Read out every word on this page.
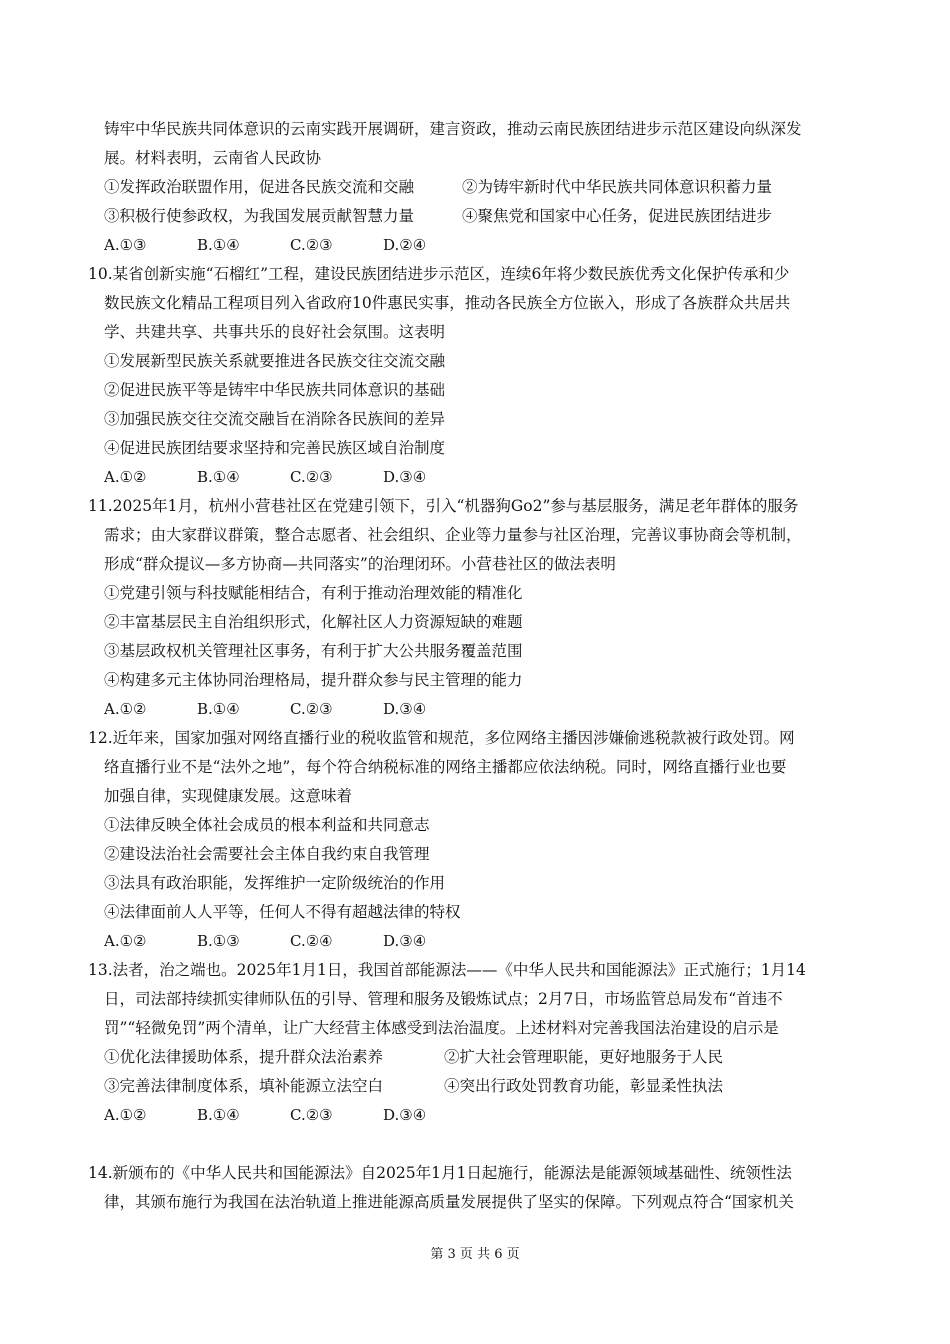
铸牢中华民族共同体意识的云南实践开展调研，建言资政，推动云南民族团结进步示范区建设向纵深发
展。材料表明，云南省人民政协
①发挥政治联盟作用，促进各民族交流和交融	②为铸牢新时代中华民族共同体意识积蓄力量
③积极行使参政权，为我国发展贡献智慧力量	④聚焦党和国家中心任务，促进民族团结进步
A.①③	B.①④	C.②③	D.②④
10.某省创新实施“石榴红”工程，建设民族团结进步示范区，连续6年将少数民族优秀文化保护传承和少
数民族文化精品工程项目列入省政府10件惠民实事，推动各民族全方位嵌入，形成了各族群众共居共
学、共建共享、共事共乐的良好社会氛围。这表明
①发展新型民族关系就要推进各民族交往交流交融
②促进民族平等是铸牢中华民族共同体意识的基础
③加强民族交往交流交融旨在消除各民族间的差异
④促进民族团结要求坚持和完善民族区域自治制度
A.①②	B.①④	C.②③	D.③④
11.2025年1月，杭州小营巷社区在党建引领下，引入“机器狗Go2”参与基层服务，满足老年群体的服务
需求；由大家群议群策，整合志愿者、社会组织、企业等力量参与社区治理，完善议事协商会等机制，
形成“群众提议—多方协商—共同落实”的治理闭环。小营巷社区的做法表明
①党建引领与科技赋能相结合，有利于推动治理效能的精准化
②丰富基层民主自治组织形式，化解社区人力资源短缺的难题
③基层政权机关管理社区事务，有利于扩大公共服务覆盖范围
④构建多元主体协同治理格局，提升群众参与民主管理的能力
A.①②	B.①④	C.②③	D.③④
12.近年来，国家加强对网络直播行业的税收监管和规范，多位网络主播因涉嫌偷逃税款被行政处罚。网
络直播行业不是“法外之地”，每个符合纳税标准的网络主播都应依法纳税。同时，网络直播行业也要
加强自律，实现健康发展。这意味着
①法律反映全体社会成员的根本利益和共同意志
②建设法治社会需要社会主体自我约束自我管理
③法具有政治职能，发挥维护一定阶级统治的作用
④法律面前人人平等，任何人不得有超越法律的特权
A.①②	B.①③	C.②④	D.③④
13.法者，治之端也。2025年1月1日，我国首部能源法——《中华人民共和国能源法》正式施行；1月14
日，司法部持续抓实律师队伍的引导、管理和服务及锻炼试点；2月7日，市场监管总局发布“首违不
罚”“轻微免罚”两个清单，让广大经营主体感受到法治温度。上述材料对完善我国法治建设的启示是
①优化法律援助体系，提升群众法治素养	②扩大社会管理职能，更好地服务于人民
③完善法律制度体系，填补能源立法空白	④突出行政处罚教育功能，彰显柔性执法
A.①②	B.①④	C.②③	D.③④
14.新颁布的《中华人民共和国能源法》自2025年1月1日起施行，能源法是能源领域基础性、统领性法
律，其颁布施行为我国在法治轨道上推进能源高质量发展提供了坚实的保障。下列观点符合“国家机关
第 3 页 共 6 页
